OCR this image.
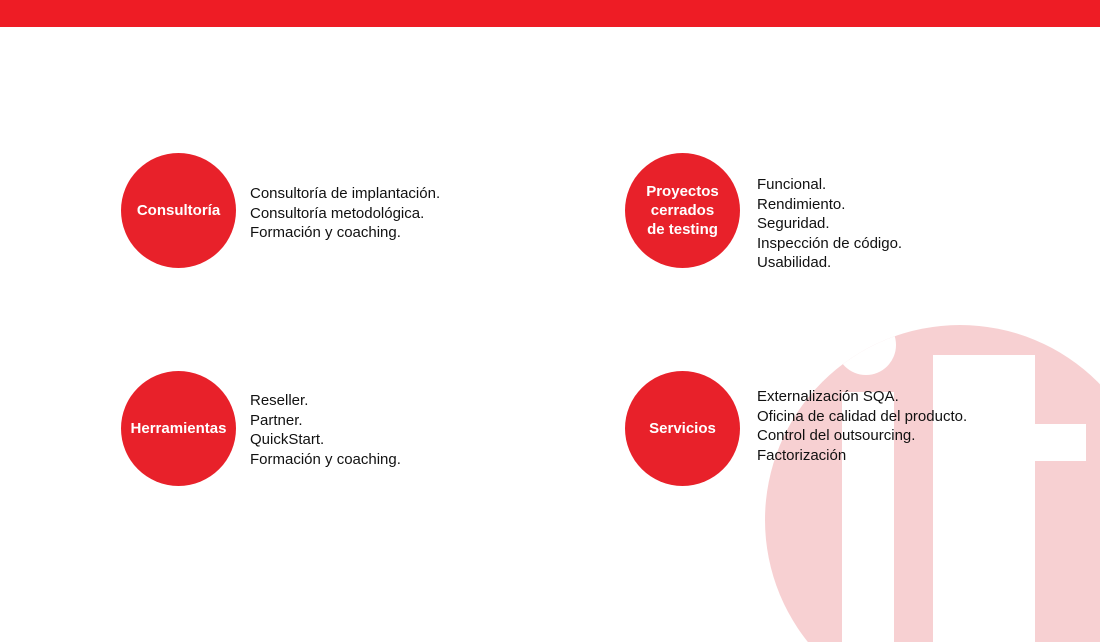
Consultoría
Consultoría de implantación.
Consultoría metodológica.
Formación y coaching.
Proyectos
cerrados
de testing
Funcional.
Rendimiento.
Seguridad.
Inspección de código.
Usabilidad.
Herramientas
Reseller.
Partner.
QuickStart.
Formación y coaching.
Servicios
Externalización SQA.
Oficina de calidad del producto.
Control del outsourcing.
Factorización
